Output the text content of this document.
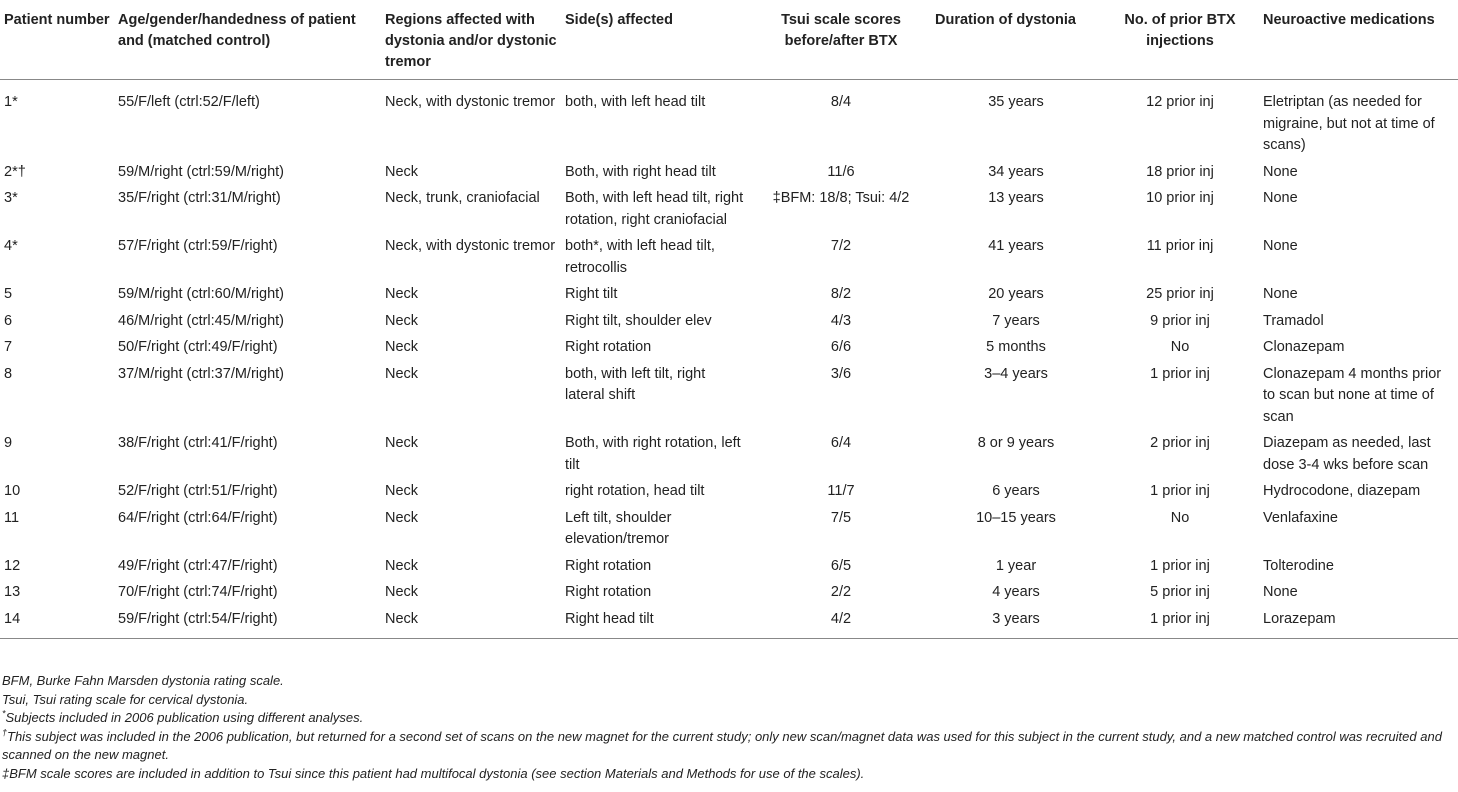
Patient number	Age/gender/handedness of patient and (matched control)	Regions affected with dystonia and/or dystonic tremor	Side(s) affected	Tsui scale scores before/after BTX	Duration of dystonia	No. of prior BTX injections	Neuroactive medications
1*	55/F/left (ctrl:52/F/left)	Neck, with dystonic tremor	both, with left head tilt	8/4	35 years	12 prior inj	Eletriptan (as needed for migraine, but not at time of scans)
2*†	59/M/right (ctrl:59/M/right)	Neck	Both, with right head tilt	11/6	34 years	18 prior inj	None
3*	35/F/right (ctrl:31/M/right)	Neck, trunk, craniofacial	Both, with left head tilt, right rotation, right craniofacial	‡BFM: 18/8; Tsui: 4/2	13 years	10 prior inj	None
4*	57/F/right (ctrl:59/F/right)	Neck, with dystonic tremor	both*, with left head tilt, retrocollis	7/2	41 years	11 prior inj	None
5	59/M/right (ctrl:60/M/right)	Neck	Right tilt	8/2	20 years	25 prior inj	None
6	46/M/right (ctrl:45/M/right)	Neck	Right tilt, shoulder elev	4/3	7 years	9 prior inj	Tramadol
7	50/F/right (ctrl:49/F/right)	Neck	Right rotation	6/6	5 months	No	Clonazepam
8	37/M/right (ctrl:37/M/right)	Neck	both, with left tilt, right lateral shift	3/6	3–4 years	1 prior inj	Clonazepam 4 months prior to scan but none at time of scan
9	38/F/right (ctrl:41/F/right)	Neck	Both, with right rotation, left tilt	6/4	8 or 9 years	2 prior inj	Diazepam as needed, last dose 3-4 wks before scan
10	52/F/right (ctrl:51/F/right)	Neck	right rotation, head tilt	11/7	6 years	1 prior inj	Hydrocodone, diazepam
11	64/F/right (ctrl:64/F/right)	Neck	Left tilt, shoulder elevation/tremor	7/5	10–15 years	No	Venlafaxine
12	49/F/right (ctrl:47/F/right)	Neck	Right rotation	6/5	1 year	1 prior inj	Tolterodine
13	70/F/right (ctrl:74/F/right)	Neck	Right rotation	2/2	4 years	5 prior inj	None
14	59/F/right (ctrl:54/F/right)	Neck	Right head tilt	4/2	3 years	1 prior inj	Lorazepam
BFM, Burke Fahn Marsden dystonia rating scale.
Tsui, Tsui rating scale for cervical dystonia.
*Subjects included in 2006 publication using different analyses.
†This subject was included in the 2006 publication, but returned for a second set of scans on the new magnet for the current study; only new scan/magnet data was used for this subject in the current study, and a new matched control was recruited and scanned on the new magnet.
‡BFM scale scores are included in addition to Tsui since this patient had multifocal dystonia (see section Materials and Methods for use of the scales).
